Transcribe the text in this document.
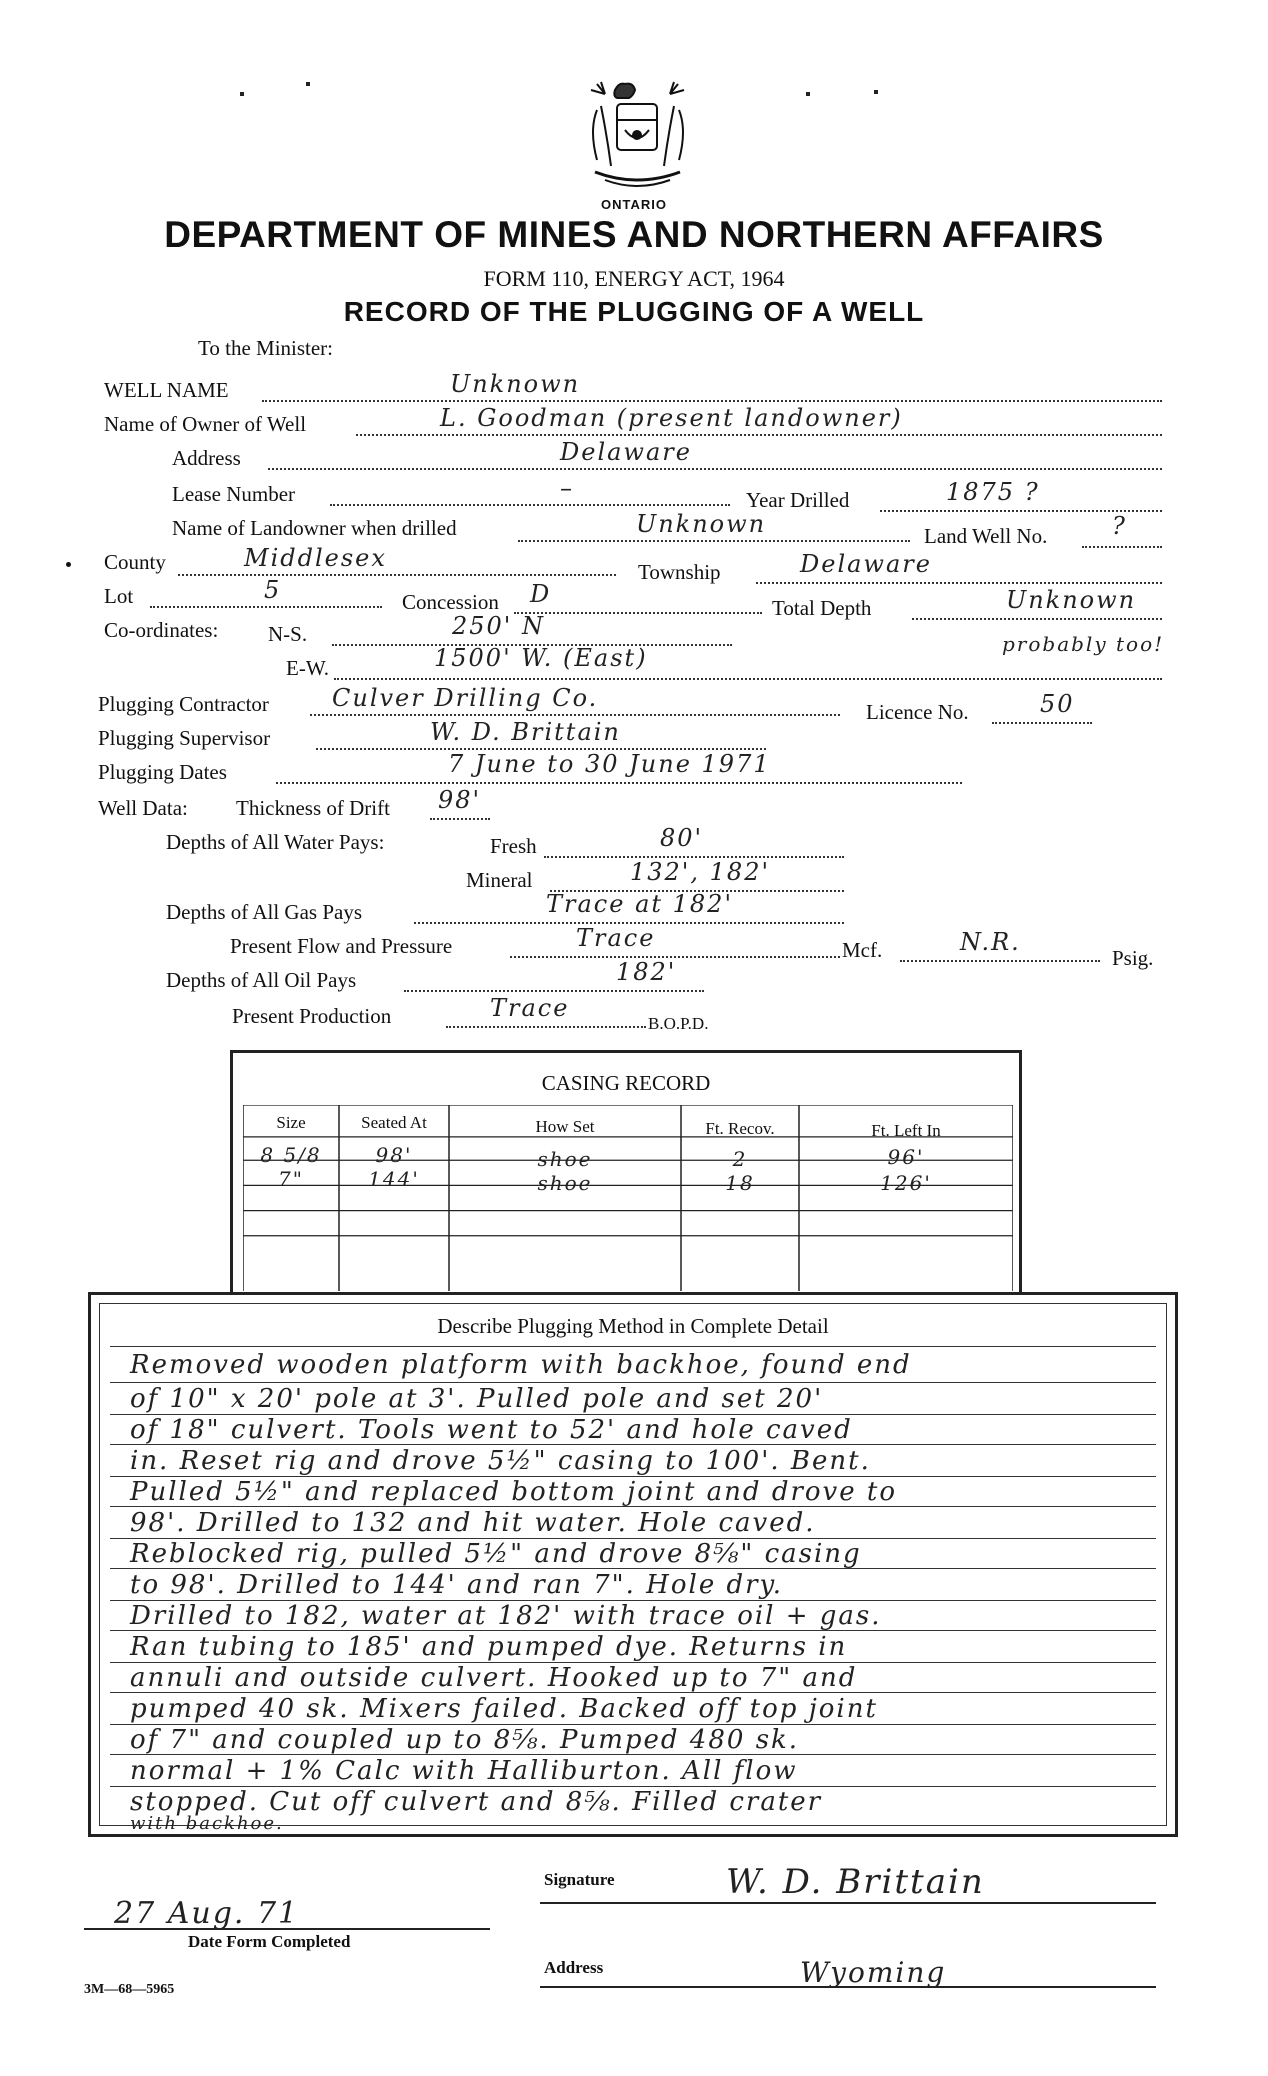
ONTARIO
DEPARTMENT OF MINES AND NORTHERN AFFAIRS
FORM 110, ENERGY ACT, 1964
RECORD OF THE PLUGGING OF A WELL
To the Minister:
WELL NAME	Unknown
Name of Owner of Well	L. Goodman (present landowner)
Address	Delaware
Lease Number	–	Year Drilled	1875 ?
Name of Landowner when drilled	Unknown	Land Well No.	?
County	Middlesex	Township	Delaware
Lot	5	Concession D	Total Depth	Unknown
Co-ordinates: N-S.	250' N
E-W.	1500' W. (East)	probably too!
Plugging Contractor	Culver Drilling Co.	Licence No.	50
Plugging Supervisor	W. D. Brittain
Plugging Dates	7 June to 30 June 1971
Well Data: Thickness of Drift 98'
Depths of All Water Pays:	Fresh	80'
Mineral	132', 182'
Depths of All Gas Pays	Trace at 182'
Present Flow and Pressure	Trace	Mcf.	N.R.
Psig.
Depths of All Oil Pays	182'
Present Production	Trace
B.O.P.D.
CASING RECORD
Size	Seated At	How Set	Ft. Recov.	Ft. Left In
8 5/8	98'	shoe	2	96'
7"	144'	shoe	18	126'
Describe Plugging Method in Complete Detail
Removed wooden platform with backhoe, found end
of 10" x 20' pole at 3'. Pulled pole and set 20'
of 18" culvert. Tools went to 52' and hole caved
in. Reset rig and drove 5½" casing to 100'. Bent.
Pulled 5½" and replaced bottom joint and drove to
98'. Drilled to 132 and hit water. Hole caved.
Reblocked rig, pulled 5½" and drove 8⅝" casing
to 98'. Drilled to 144' and ran 7". Hole dry.
Drilled to 182, water at 182' with trace oil + gas.
Ran tubing to 185' and pumped dye. Returns in
annuli and outside culvert. Hooked up to 7" and
pumped 40 sk. Mixers failed. Backed off top joint
of 7" and coupled up to 8⅝. Pumped 480 sk.
normal + 1% Calc with Halliburton. All flow
stopped. Cut off culvert and 8⅝. Filled crater
with backhoe.
27 Aug. 71
Date Form Completed
3M—68—5965
Signature	W. D. Brittain
Address	Wyoming
